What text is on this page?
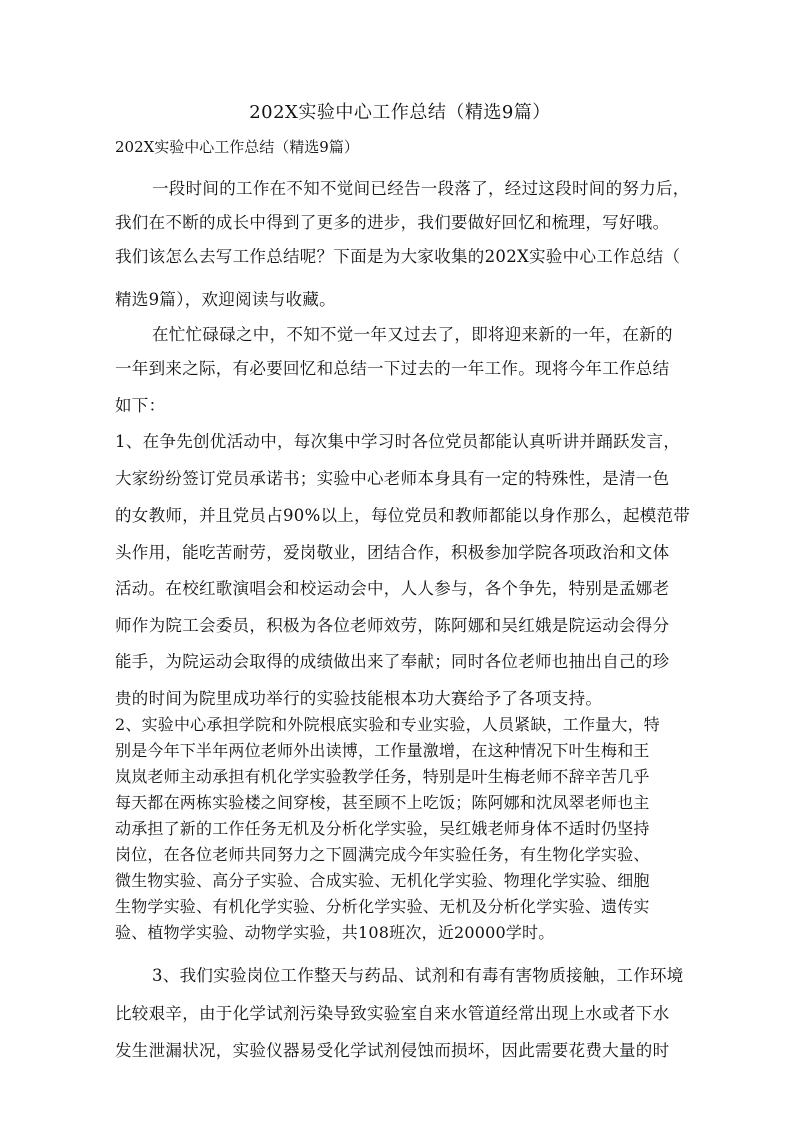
202X实验中心工作总结（精选9篇）
202X实验中心工作总结（精选9篇）
一段时间的工作在不知不觉间已经告一段落了，经过这段时间的努力后，
我们在不断的成长中得到了更多的进步，我们要做好回忆和梳理，写好哦。
我们该怎么去写工作总结呢？下面是为大家收集的202X实验中心工作总结（
精选9篇），欢迎阅读与收藏。
在忙忙碌碌之中，不知不觉一年又过去了，即将迎来新的一年，在新的
一年到来之际，有必要回忆和总结一下过去的一年工作。现将今年工作总结
如下：
1、在争先创优活动中，每次集中学习时各位党员都能认真听讲并踊跃发言，
大家纷纷签订党员承诺书；实验中心老师本身具有一定的特殊性，是清一色
的女教师，并且党员占90%以上，每位党员和教师都能以身作那么，起模范带
头作用，能吃苦耐劳，爱岗敬业，团结合作，积极参加学院各项政治和文体
活动。在校红歌演唱会和校运动会中，人人参与，各个争先，特别是孟娜老
师作为院工会委员，积极为各位老师效劳，陈阿娜和吴红娥是院运动会得分
能手，为院运动会取得的成绩做出来了奉献；同时各位老师也抽出自己的珍
贵的时间为院里成功举行的实验技能根本功大赛给予了各项支持。
2、实验中心承担学院和外院根底实验和专业实验，人员紧缺，工作量大，特
别是今年下半年两位老师外出读博，工作量激增，在这种情况下叶生梅和王
岚岚老师主动承担有机化学实验教学任务，特别是叶生梅老师不辞辛苦几乎
每天都在两栋实验楼之间穿梭，甚至顾不上吃饭；陈阿娜和沈凤翠老师也主
动承担了新的工作任务无机及分析化学实验，吴红娥老师身体不适时仍坚持
岗位，在各位老师共同努力之下圆满完成今年实验任务，有生物化学实验、
微生物实验、高分子实验、合成实验、无机化学实验、物理化学实验、细胞
生物学实验、有机化学实验、分析化学实验、无机及分析化学实验、遗传实
验、植物学实验、动物学实验，共108班次，近20000学时。
3、我们实验岗位工作整天与药品、试剂和有毒有害物质接触，工作环境
比较艰辛，由于化学试剂污染导致实验室自来水管道经常出现上水或者下水
发生泄漏状况，实验仪器易受化学试剂侵蚀而损坏，因此需要花费大量的时
